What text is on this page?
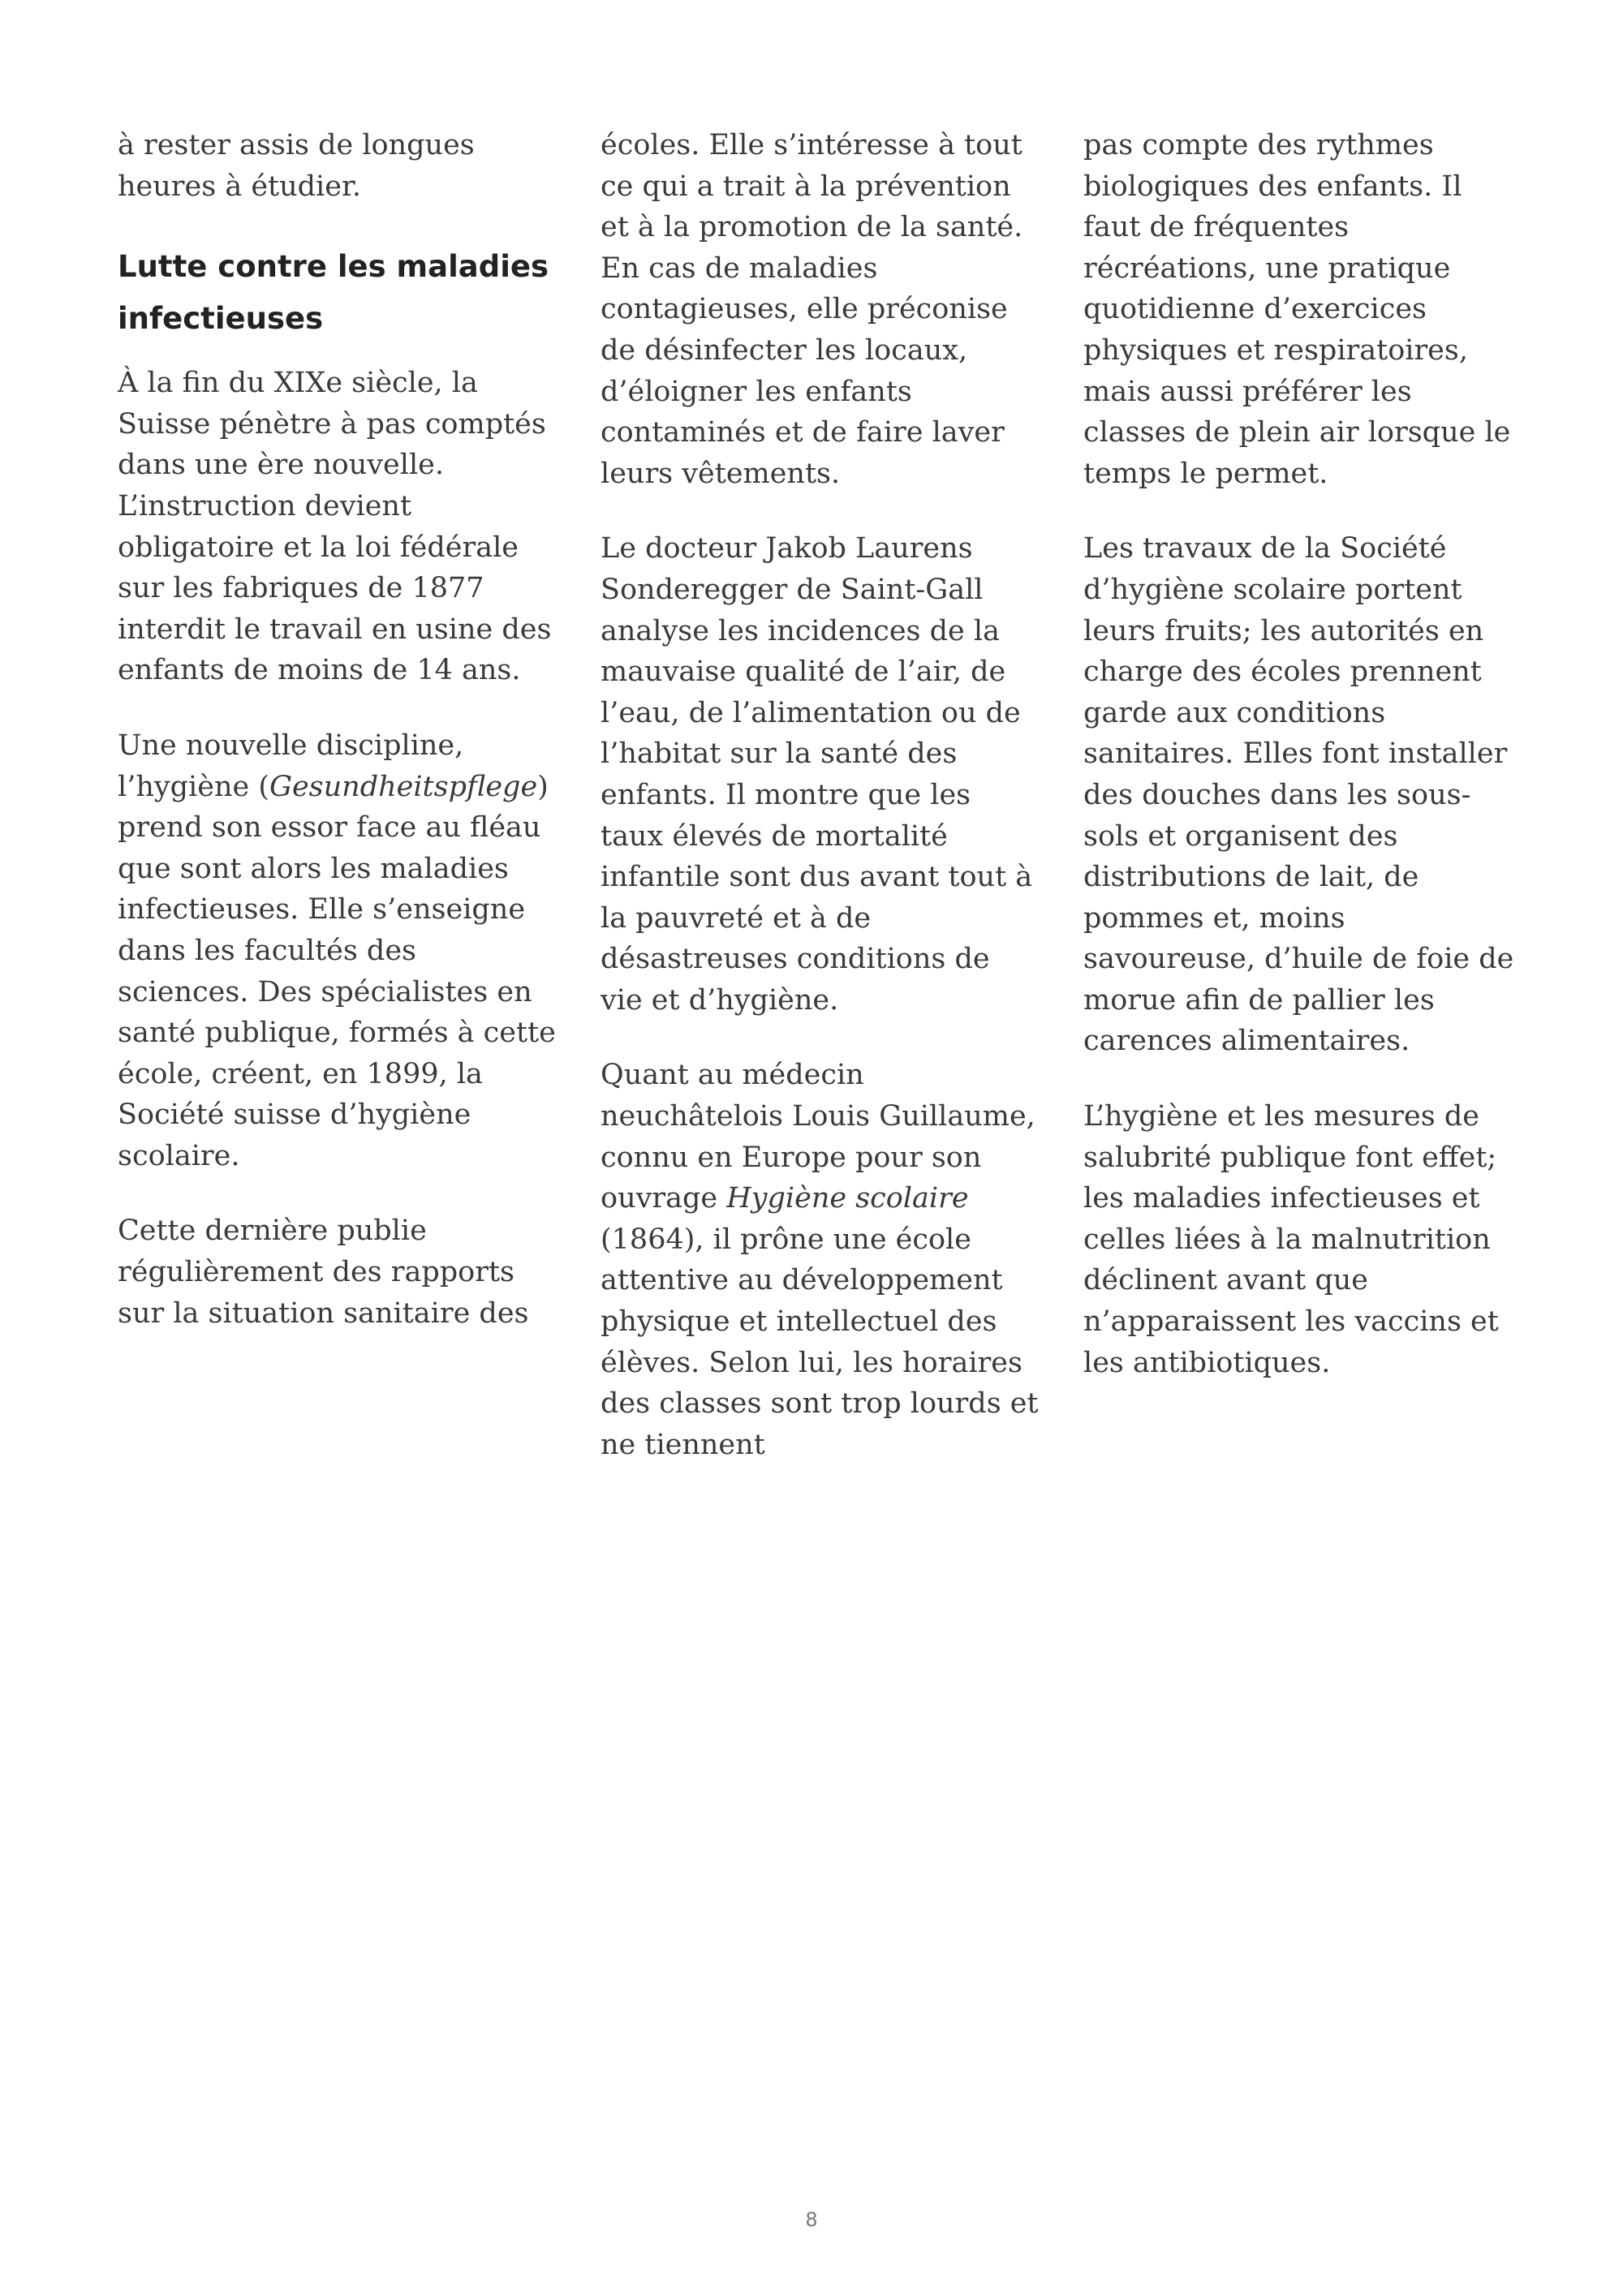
à rester assis de longues heures à étudier.

Lutte contre les maladies infectieuses

À la fin du XIXe siècle, la Suisse pénètre à pas comptés dans une ère nouvelle. L’instruction devient obligatoire et la loi fédérale sur les fabriques de 1877 interdit le travail en usine des enfants de moins de 14 ans.

Une nouvelle discipline, l’hygiène (Gesundheitspflege) prend son essor face au fléau que sont alors les maladies infectieuses. Elle s’enseigne dans les facultés des sciences. Des spécialistes en santé publique, formés à cette école, créent, en 1899, la Société suisse d’hygiène scolaire.

Cette dernière publie régulièrement des rapports sur la situation sanitaire des

écoles. Elle s’intéresse à tout ce qui a trait à la prévention et à la promotion de la santé. En cas de maladies contagieuses, elle préconise de désinfecter les locaux, d’éloigner les enfants contaminés et de faire laver leurs vêtements.

Le docteur Jakob Laurens Sonderegger de Saint-Gall analyse les incidences de la mauvaise qualité de l’air, de l’eau, de l’alimentation ou de l’habitat sur la santé des enfants. Il montre que les taux élevés de mortalité infantile sont dus avant tout à la pauvreté et à de désastreuses conditions de vie et d’hygiène.

Quant au médecin neuchâtelois Louis Guillaume, connu en Europe pour son ouvrage Hygiène scolaire (1864), il prône une école attentive au développement physique et intellectuel des élèves. Selon lui, les horaires des classes sont trop lourds et ne tiennent

pas compte des rythmes biologiques des enfants. Il faut de fréquentes récréations, une pratique quotidienne d’exercices physiques et respiratoires, mais aussi préférer les classes de plein air lorsque le temps le permet.

Les travaux de la Société d’hygiène scolaire portent leurs fruits; les autorités en charge des écoles prennent garde aux conditions sanitaires. Elles font installer des douches dans les sous-sols et organisent des distributions de lait, de pommes et, moins savoureuse, d’huile de foie de morue afin de pallier les carences alimentaires.

L’hygiène et les mesures de salubrité publique font effet; les maladies infectieuses et celles liées à la malnutrition déclinent avant que n’apparaissent les vaccins et les antibiotiques.

8
